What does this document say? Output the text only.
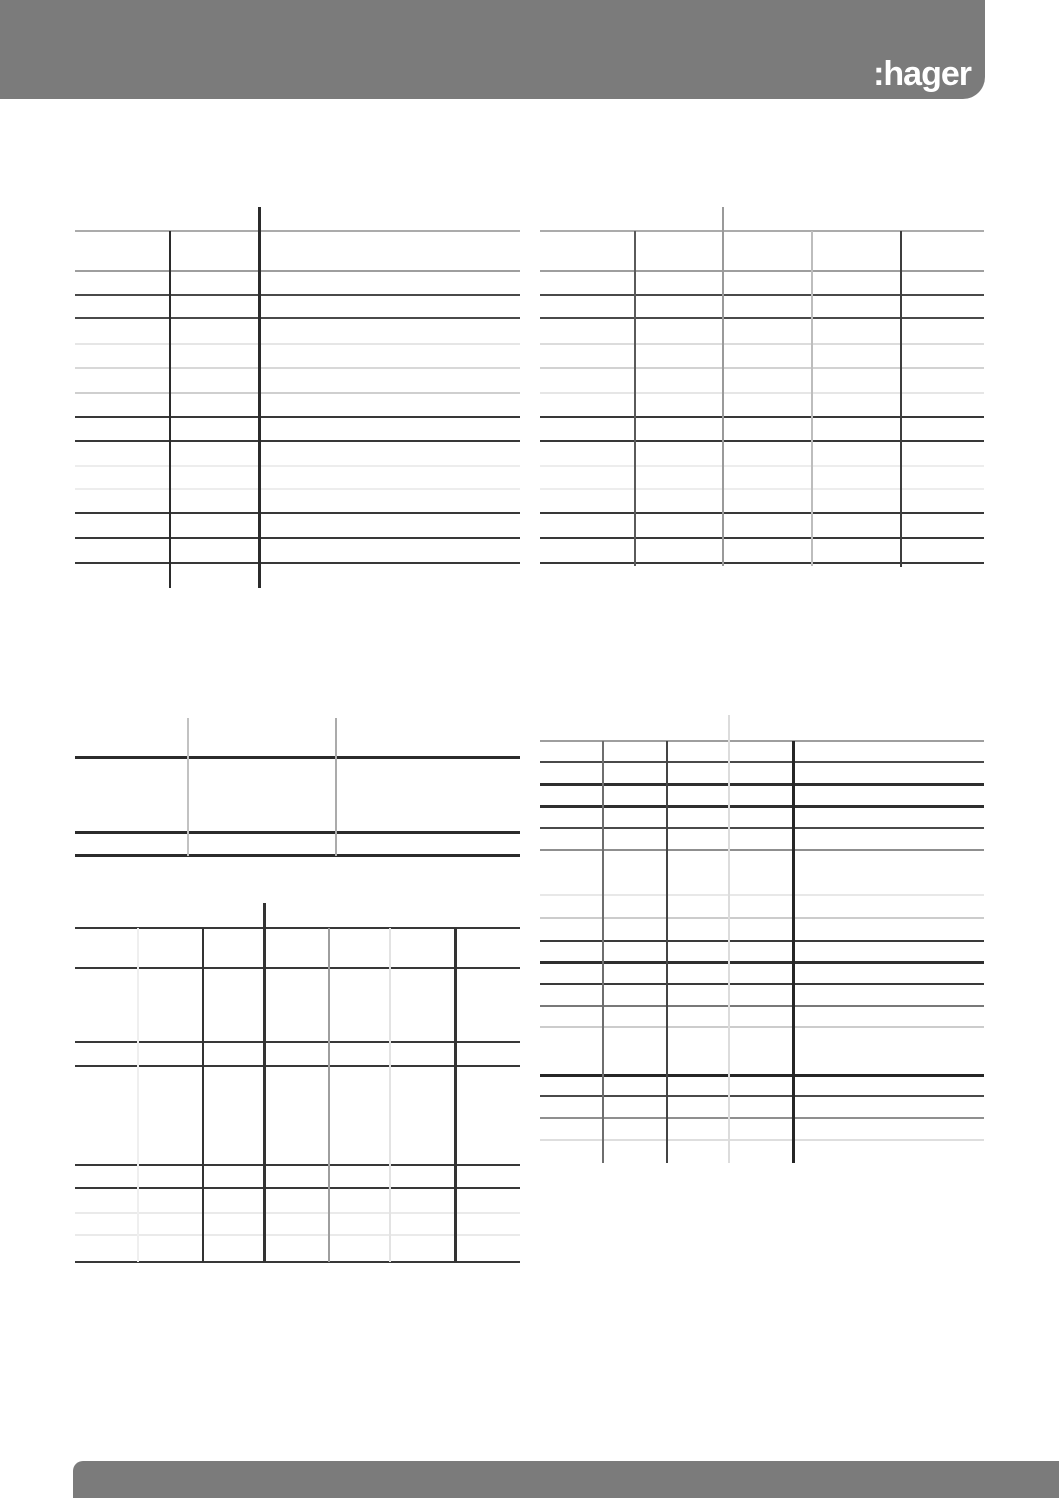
:hager
